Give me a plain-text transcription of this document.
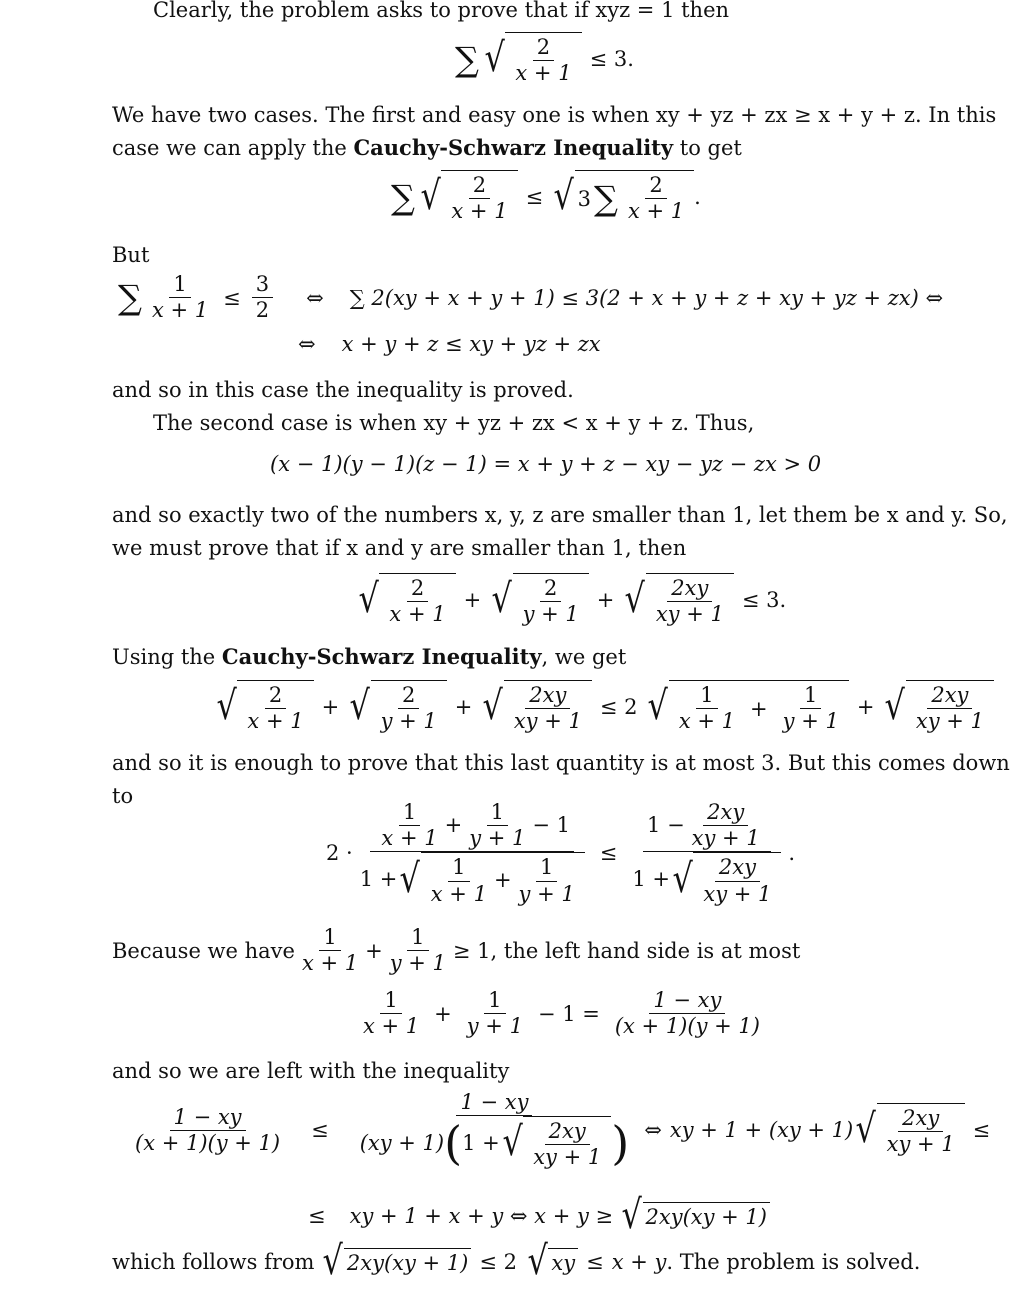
Clearly, the problem asks to prove that if xyz = 1 then
∑ √ 2
x + 1
≤ 3.
We have two cases. The first and easy one is when xy + yz + zx ≥ x + y + z. In this
case we can apply the Cauchy-Schwarz Inequality to get
∑ √ 2
x + 1
≤ √ 3 ∑ 2
x + 1
.
But
∑ $\frac{1}{x + 1} \le \frac{3}{2}$ ⇔ ∑ 2(xy + x + y + 1) ≤ 3(2 + x + y + z + xy + yz + zx) ⇔
⇔ x + y + z ≤ xy + yz + zx
and so in this case the inequality is proved.
The second case is when xy + yz + zx < x + y + z. Thus,
(x − 1)(y − 1)(z − 1) = x + y + z − xy − yz − zx > 0
and so exactly two of the numbers x, y, z are smaller than 1, let them be x and y. So,
we must prove that if x and y are smaller than 1, then
√ 2
x + 1
+ √ 2
y + 1
+ √ 2xy
xy + 1
≤ 3.
Using the Cauchy-Schwarz Inequality, we get
√ 2
x + 1
+ √ 2
y + 1
+ √ 2xy
xy + 1
≤ 2 √ 1
x + 1
+ $\frac{1}{y + 1}$ + √ 2xy
xy + 1
and so it is enough to prove that this last quantity is at most 3. But this comes down
to
2 · 1
x + 1
+
1
y + 1
− 1
1 + √ 1
x + 1
+
1
y + 1 ≤
1 −
2xy
xy + 1
1 + √ 2xy
xy + 1
.
Because we have
1
x + 1
+ $\frac{1}{y + 1} \ge 1$, the left hand side is at most
1
x + 1
+ $\frac{1}{y + 1} - 1 = \frac{1 - xy}{(x + 1)(y + 1)}$
and so we are left with the inequality
$\frac{1 - xy}{(x + 1)(y + 1)}$ ≤
1 − xy
(xy + 1) ( 1 + √ 2xy
xy + 1 ) ⇔ xy + 1 + (xy + 1) √ 2xy
xy + 1
≤
≤ xy + 1 + x + y ⇔ x + y ≥ √ 2xy(xy + 1)
which follows from √ 2xy(xy + 1) ≤ 2 √ xy ≤ x + y . The problem is solved.
